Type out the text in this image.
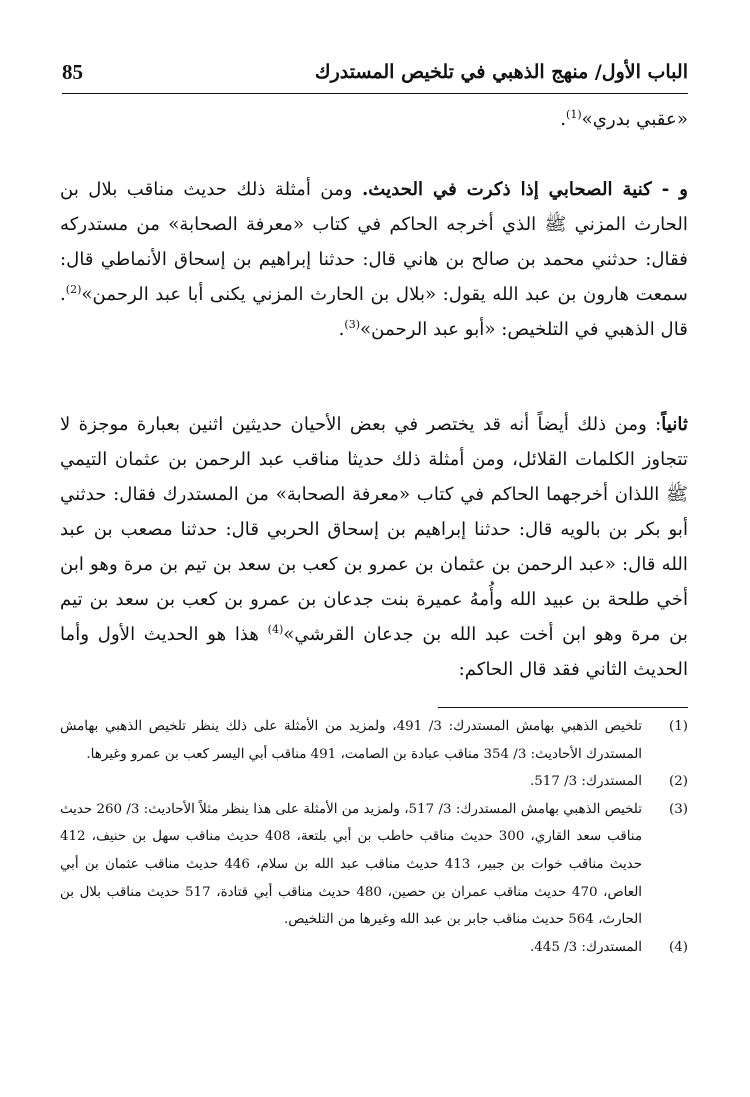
85	الباب الأول/ منهج الذهبي في تلخيص المستدرك
«عقبي بدري»$^{(1)}$.
و - كنية الصحابي إذا ذكرت في الحديث. ومن أمثلة ذلك حديث مناقب بلال بن الحارث المزني ﷺ الذي أخرجه الحاكم في كتاب «معرفة الصحابة» من مستدركه فقال: حدثني محمد بن صالح بن هاني قال: حدثنا إبراهيم بن إسحاق الأنماطي قال: سمعت هارون بن عبد الله يقول: «بلال بن الحارث المزني يكنى أبا عبد الرحمن»$^{(2)}$. قال الذهبي في التلخيص: «أبو عبد الرحمن»$^{(3)}$.
ثانياً: ومن ذلك أيضاً أنه قد يختصر في بعض الأحيان حديثين اثنين بعبارة موجزة لا تتجاوز الكلمات القلائل، ومن أمثلة ذلك حديثا مناقب عبد الرحمن بن عثمان التيمي ﷺ اللذان أخرجهما الحاكم في كتاب «معرفة الصحابة» من المستدرك فقال: حدثني أبو بكر بن بالويه قال: حدثنا إبراهيم بن إسحاق الحربي قال: حدثنا مصعب بن عبد الله قال: «عبد الرحمن بن عثمان بن عمرو بن كعب بن سعد بن تيم بن مرة وهو ابن أخي طلحة بن عبيد الله وأُمهُ عميرة بنت جدعان بن عمرو بن كعب بن سعد بن تيم بن مرة وهو ابن أخت عبد الله بن جدعان القرشي»$^{(4)}$ هذا هو الحديث الأول وأما الحديث الثاني فقد قال الحاكم:
(1)
تلخيص الذهبي بهامش المستدرك: 3/ 491، ولمزيد من الأمثلة على ذلك ينظر تلخيص الذهبي بهامش المستدرك الأحاديث: 3/ 354 مناقب عبادة بن الصامت، 491 مناقب أبي اليسر كعب بن عمرو وغيرها.
(2)
المستدرك: 3/ 517.
(3)
تلخيص الذهبي بهامش المستدرك: 3/ 517، ولمزيد من الأمثلة على هذا ينظر مثلاً الأحاديث: 3/ 260 حديث مناقب سعد القاري، 300 حديث مناقب حاطب بن أبي بلتعة، 408 حديث مناقب سهل بن حنيف، 412 حديث مناقب خوات بن جبير، 413 حديث مناقب عبد الله بن سلام، 446 حديث مناقب عثمان بن أبي العاص، 470 حديث مناقب عمران بن حصين، 480 حديث مناقب أبي قتادة، 517 حديث مناقب بلال بن الحارث، 564 حديث مناقب جابر بن عبد الله وغيرها من التلخيص.
(4)
المستدرك: 3/ 445.
